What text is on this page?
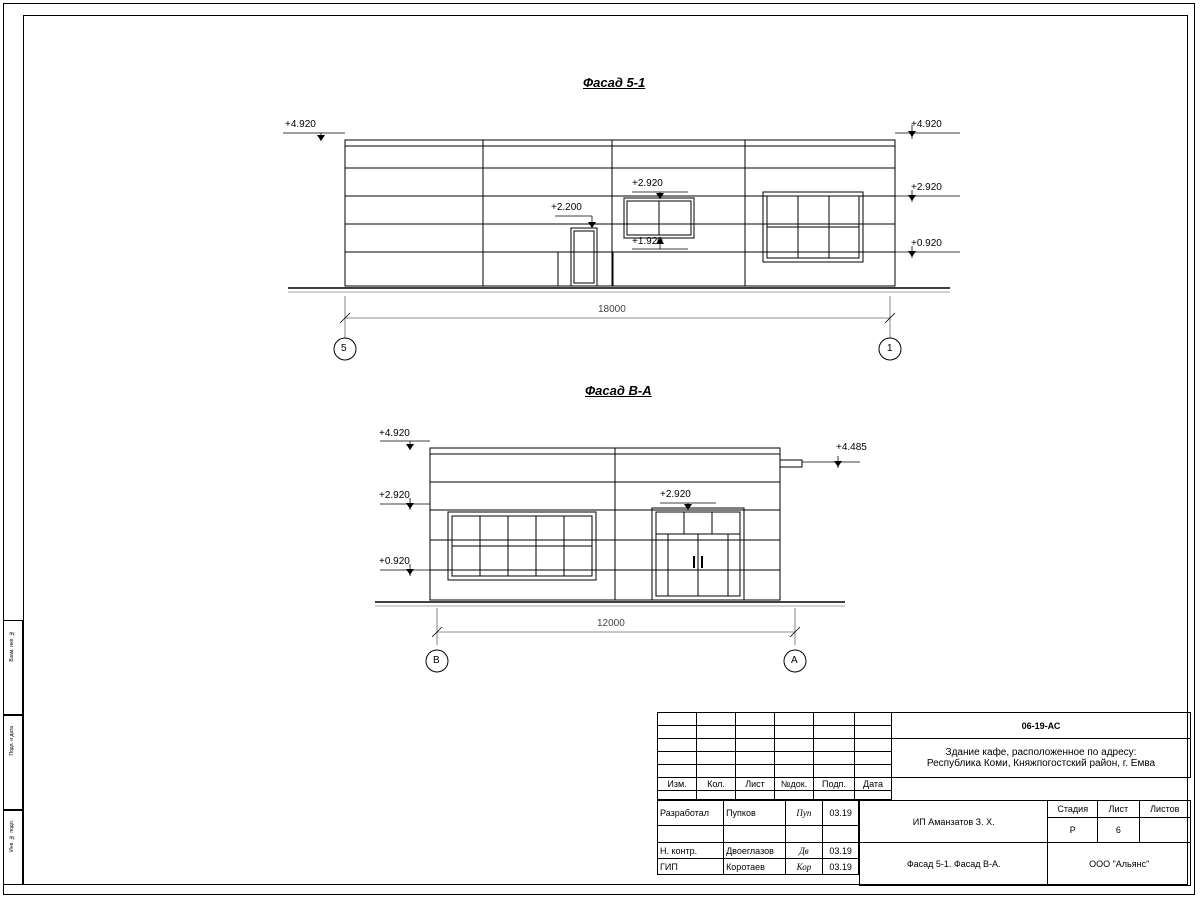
Взам. инв. №
Подп. и дата
Инв. № подл.
Фасад 5-1
+4.920	+4.920
+2.920
+0.920
+2.200
+2.920
+1.920
18000
5	1
Фасад В-А
+4.920
+2.920
+0.920
+4.485
+2.920
12000
В	А
						06-19-АС

						Здание кафе, расположенное по адресу:
Республика Коми, Княжпогостский район, г. Емва

Изм.	Кол.	Лист	№док.	Подп.	Дата	

Разработал	Пупков	Пуп	03.19

Н. контр.	Двоеглазов	Дв	03.19
ГИП	Коротаев	Кор	03.19
ИП Аманзатов З. Х.	Стадия	Лист	Листов
	Р	6	
Фасад 5-1. Фасад В-А.	ООО "Альянс"		
